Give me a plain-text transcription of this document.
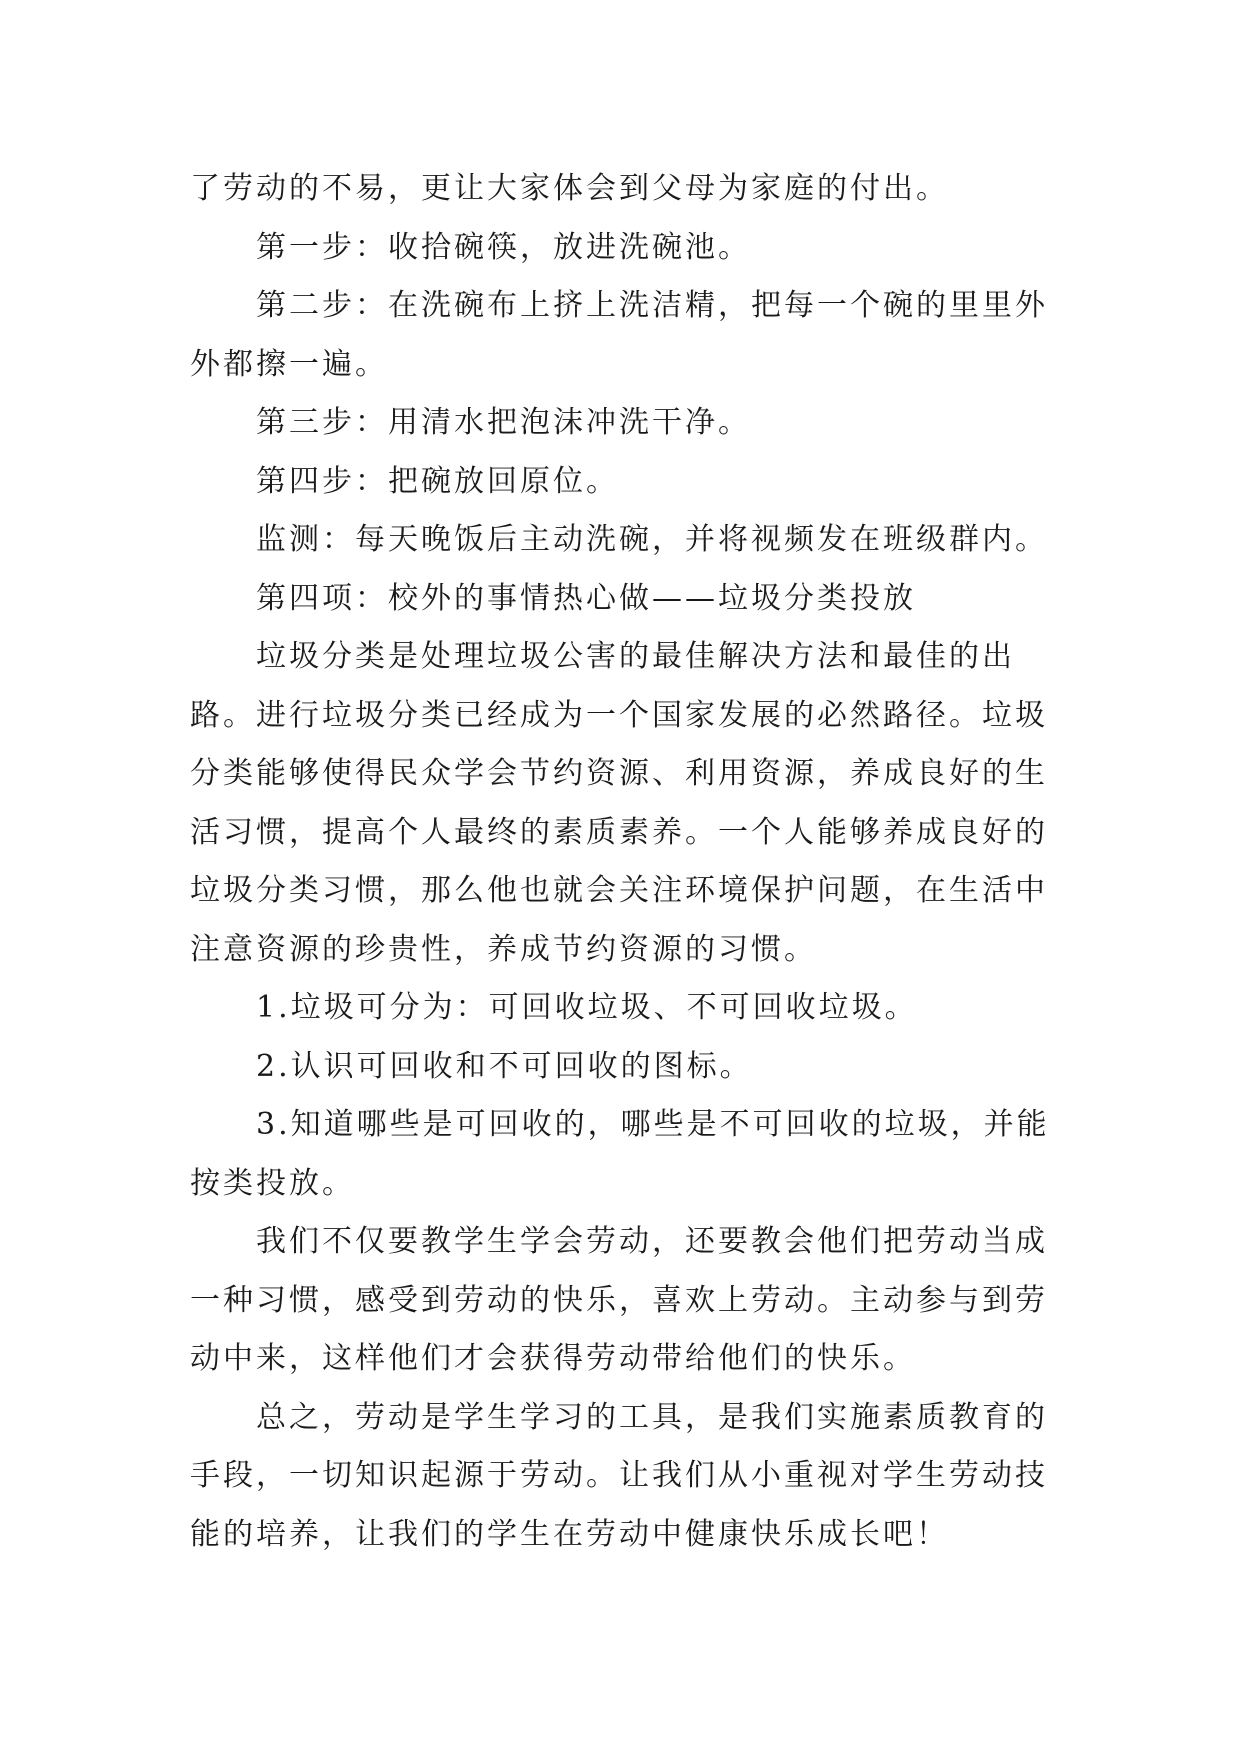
了劳动的不易，更让大家体会到父母为家庭的付出。
第一步：收拾碗筷，放进洗碗池。
第二步：在洗碗布上挤上洗洁精，把每一个碗的里里外
外都擦一遍。
第三步：用清水把泡沫冲洗干净。
第四步：把碗放回原位。
监测：每天晚饭后主动洗碗，并将视频发在班级群内。
第四项：校外的事情热心做——垃圾分类投放
垃圾分类是处理垃圾公害的最佳解决方法和最佳的出
路。进行垃圾分类已经成为一个国家发展的必然路径。垃圾
分类能够使得民众学会节约资源、利用资源，养成良好的生
活习惯，提高个人最终的素质素养。一个人能够养成良好的
垃圾分类习惯，那么他也就会关注环境保护问题，在生活中
注意资源的珍贵性，养成节约资源的习惯。
1.垃圾可分为：可回收垃圾、不可回收垃圾。
2.认识可回收和不可回收的图标。
3.知道哪些是可回收的，哪些是不可回收的垃圾，并能
按类投放。
我们不仅要教学生学会劳动，还要教会他们把劳动当成
一种习惯，感受到劳动的快乐，喜欢上劳动。主动参与到劳
动中来，这样他们才会获得劳动带给他们的快乐。
总之，劳动是学生学习的工具，是我们实施素质教育的
手段，一切知识起源于劳动。让我们从小重视对学生劳动技
能的培养，让我们的学生在劳动中健康快乐成长吧！
